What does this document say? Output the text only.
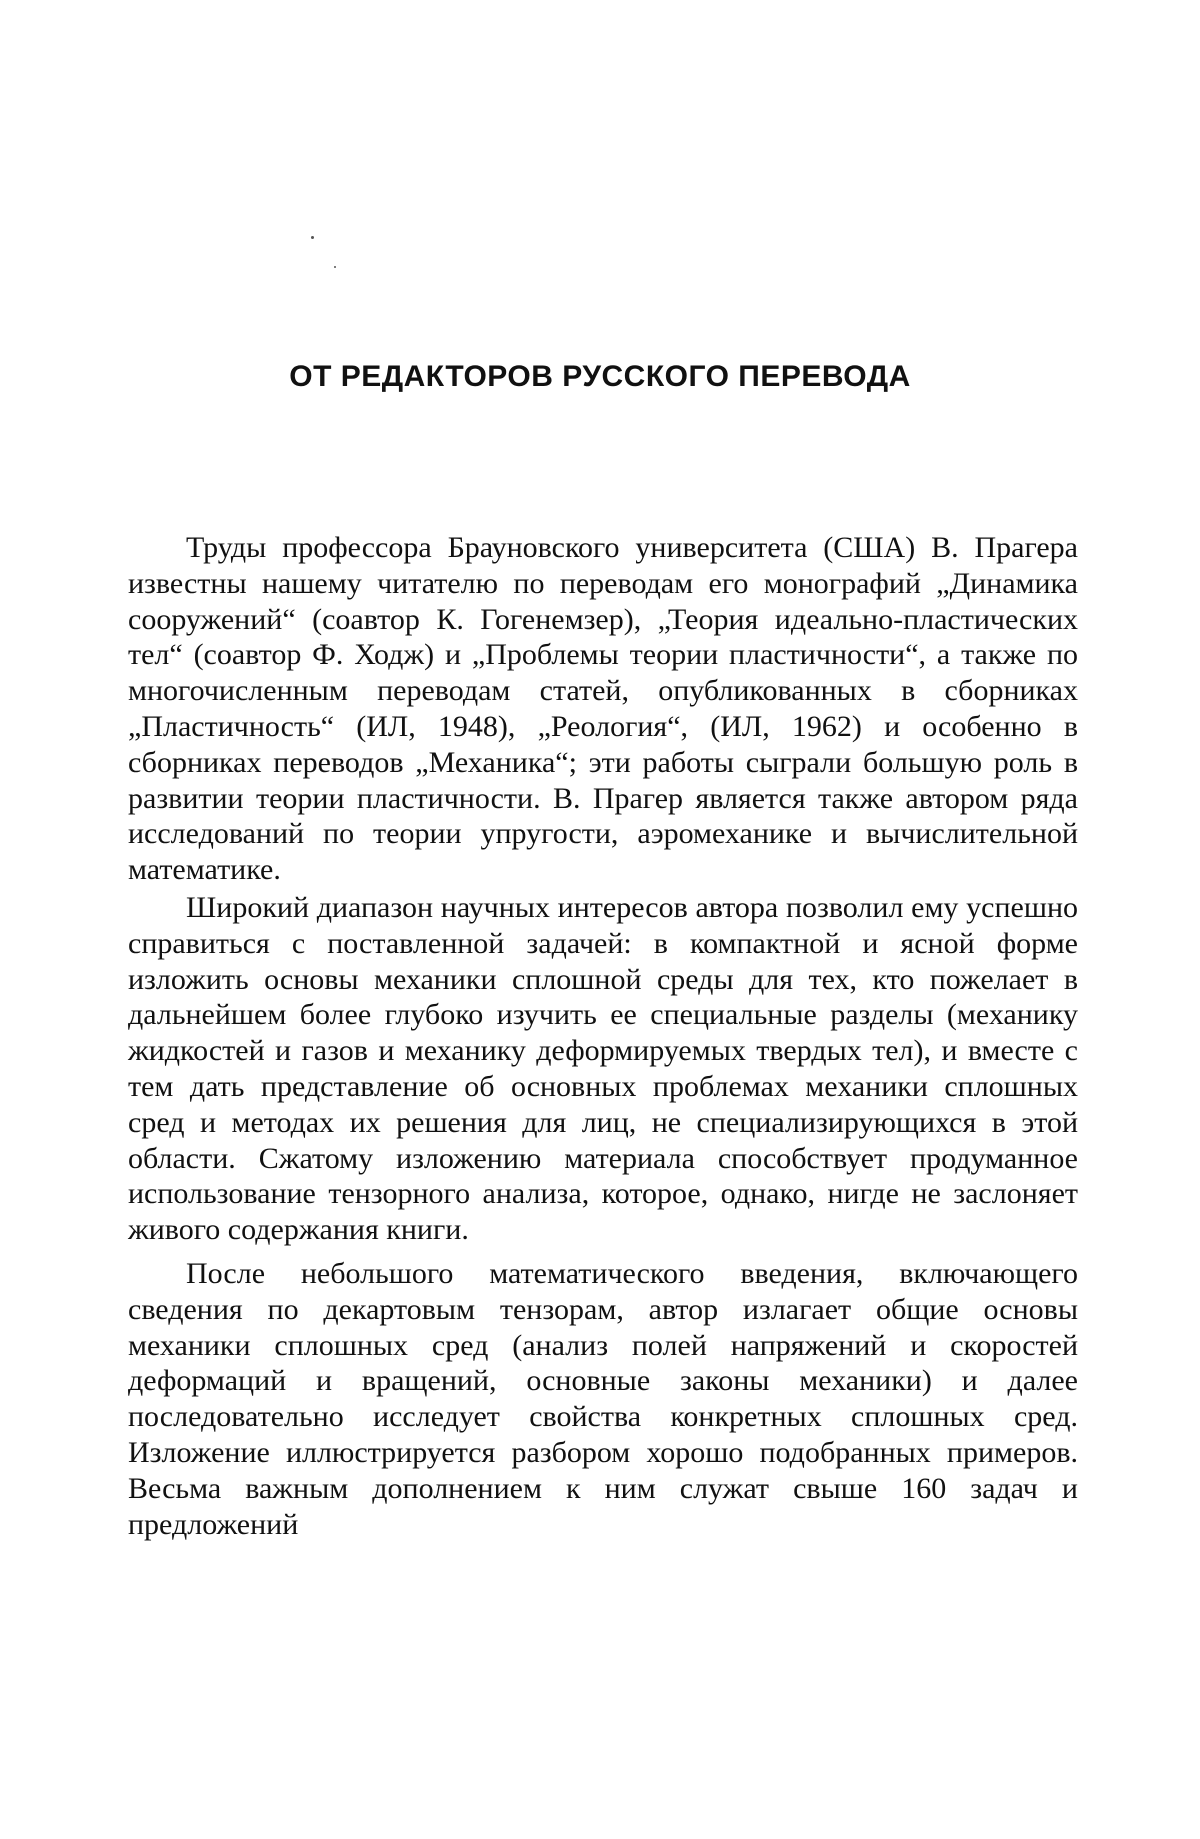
ОТ РЕДАКТОРОВ РУССКОГО ПЕРЕВОДА

Труды профессора Брауновского университета (США) В. Прагера известны нашему читателю по переводам его монографий „Динамика сооружений“ (соавтор К. Гогенемзер), „Теория идеально-пластических тел“ (соавтор Ф. Ходж) и „Проблемы теории пластичности“, а также по многочисленным переводам статей, опубликованных в сборниках „Пластичность“ (ИЛ, 1948), „Реология“, (ИЛ, 1962) и особенно в сборниках переводов „Механика“; эти работы сыграли большую роль в развитии теории пластичности. В. Прагер является также автором ряда исследований по теории упругости, аэромеханике и вычислительной математике.

Широкий диапазон научных интересов автора позволил ему успешно справиться с поставленной задачей: в компактной и ясной форме изложить основы механики сплошной среды для тех, кто пожелает в дальнейшем более глубоко изучить ее специальные разделы (механику жидкостей и газов и механику деформируемых твердых тел), и вместе с тем дать представление об основных проблемах механики сплошных сред и методах их решения для лиц, не специализирующихся в этой области. Сжатому изложению материала способствует продуманное использование тензорного анализа, которое, однако, нигде не заслоняет живого содержания книги.

После небольшого математического введения, включающего сведения по декартовым тензорам, автор излагает общие основы механики сплошных сред (анализ полей напряжений и скоростей деформаций и вращений, основные законы механики) и далее последовательно исследует свойства конкретных сплошных сред. Изложение иллюстрируется разбором хорошо подобранных примеров. Весьма важным дополнением к ним служат свыше 160 задач и предложений
